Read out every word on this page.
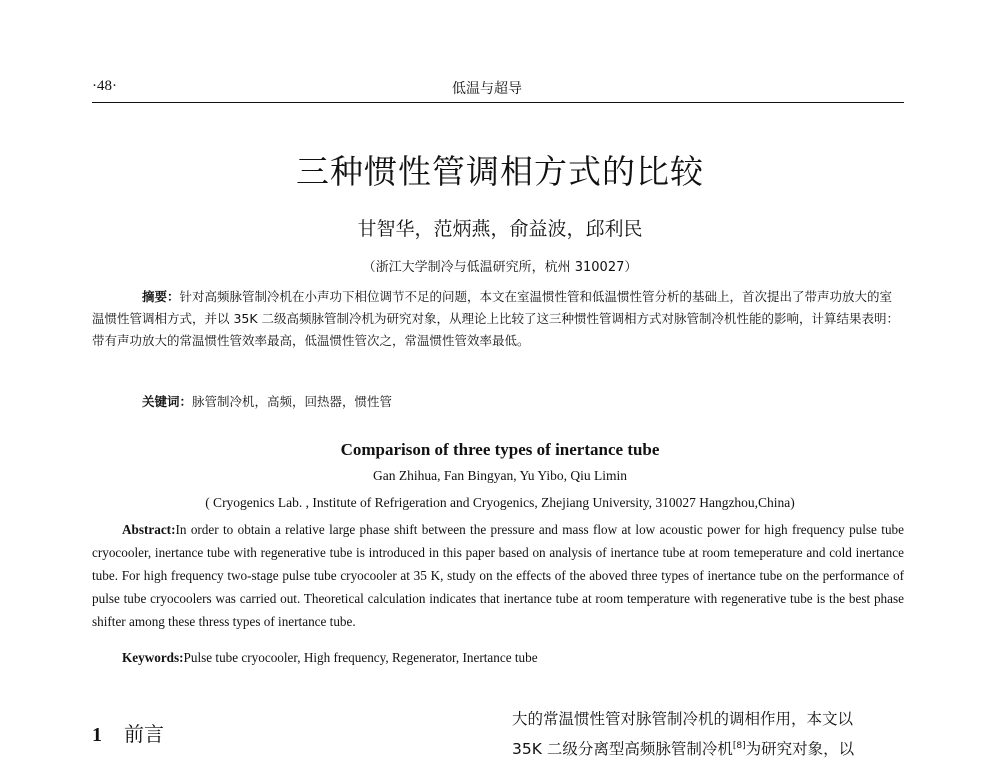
·48·	低温与超导
三种惯性管调相方式的比较
甘智华，范炳燕，俞益波，邱利民
（浙江大学制冷与低温研究所，杭州 310027）
摘要：针对高频脉管制冷机在小声功下相位调节不足的问题，本文在室温惯性管和低温惯性管分析的基础上，首次提出了带声功放大的室温惯性管调相方式，并以 35K 二级高频脉管制冷机为研究对象，从理论上比较了这三种惯性管调相方式对脉管制冷机性能的影响，计算结果表明：带有声功放大的常温惯性管效率最高，低温惯性管次之，常温惯性管效率最低。
关键词：脉管制冷机，高频，回热器，惯性管
Comparison of three types of inertance tube
Gan Zhihua, Fan Bingyan, Yu Yibo, Qiu Limin
( Cryogenics Lab. , Institute of Refrigeration and Cryogenics, Zhejiang University, 310027 Hangzhou,China)
Abstract:In order to obtain a relative large phase shift between the pressure and mass flow at low acoustic power for high frequency pulse tube cryocooler, inertance tube with regenerative tube is introduced in this paper based on analysis of inertance tube at room temeperature and cold inertance tube. For high frequency two-stage pulse tube cryocooler at 35 K, study on the effects of the aboved three types of inertance tube on the performance of pulse tube cryocoolers was carried out. Theoretical calculation indicates that inertance tube at room temperature with regenerative tube is the best phase shifter among these thress types of inertance tube.
Keywords:Pulse tube cryocooler, High frequency, Regenerator, Inertance tube
1 前言
大的常温惯性管对脉管制冷机的调相作用，本文以
35K 二级分离型高频脉管制冷机[8]为研究对象，以
